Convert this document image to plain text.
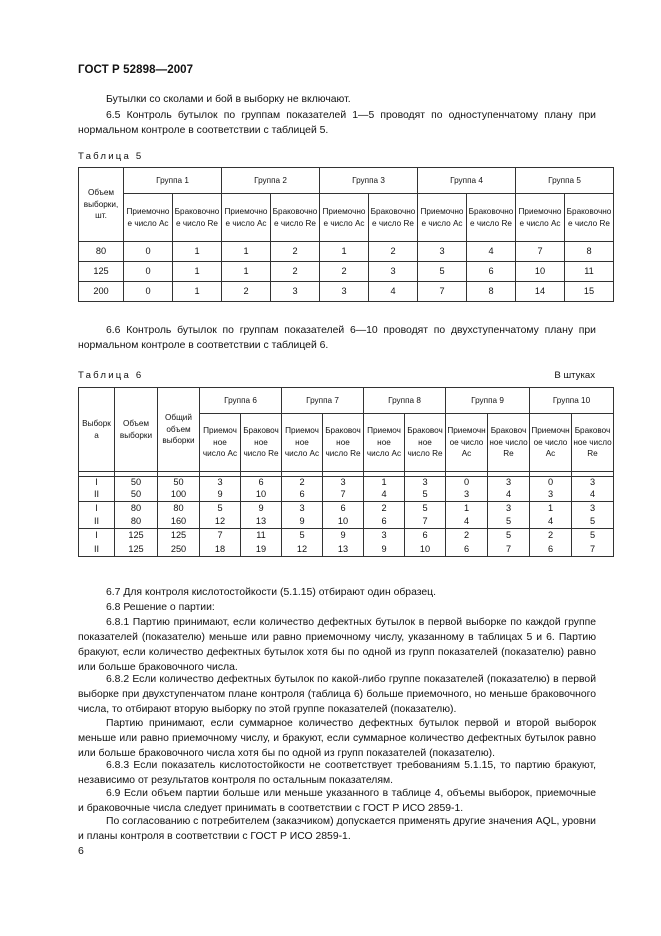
ГОСТ Р 52898—2007
Бутылки со сколами и бой в выборку не включают.
6.5 Контроль бутылок по группам показателей 1—5 проводят по одноступенчатому плану при нормальном контроле в соответствии с таблицей 5.
Таблица 5
Объем выборки, шт.	Группа 1		Группа 2		Группа 3		Группа 4		Группа 5	
	Приемочное число Ac	Браковочное число Re	Приемочное число Ac	Браковочное число Re	Приемочное число Ac	Браковочное число Re	Приемочное число Ac	Браковочное число Re	Приемочное число Ac	Браковочное число Re
80	0	1	1	2	1	2	3	4	7	8
125	0	1	1	2	2	3	5	6	10	11
200	0	1	2	3	3	4	7	8	14	15
6.6 Контроль бутылок по группам показателей 6—10 проводят по двухступенчатому плану при нормальном контроле в соответствии с таблицей 6.
Таблица 6	В штуках
Выборка	Объем выборки	Общий объем выборки	Группа 6		Группа 7		Группа 8		Группа 9		Группа 10	
			Приемочное число Ac	Браковочное число Re	Приемочное число Ac	Браковочное число Re	Приемочное число Ac	Браковочное число Re	Приемочное число Ac	Браковочное число Re	Приемочное число Ac	Браковочное число Re

I	50	50	3	6	2	3	1	3	0	3	0	3
II	50	100	9	10	6	7	4	5	3	4	3	4
I	80	80	5	9	3	6	2	5	1	3	1	3
II	80	160	12	13	9	10	6	7	4	5	4	5
I	125	125	7	11	5	9	3	6	2	5	2	5
II	125	250	18	19	12	13	9	10	6	7	6	7
6.7 Для контроля кислотостойкости (5.1.15) отбирают один образец.
6.8 Решение о партии:
6.8.1 Партию принимают, если количество дефектных бутылок в первой выборке по каждой группе показателей (показателю) меньше или равно приемочному числу, указанному в таблицах 5 и 6. Партию бракуют, если количество дефектных бутылок хотя бы по одной из групп показателей (показателю) равно или больше браковочного числа.
6.8.2 Если количество дефектных бутылок по какой-либо группе показателей (показателю) в первой выборке при двухступенчатом плане контроля (таблица 6) больше приемочного, но меньше браковочного числа, то отбирают вторую выборку по этой группе показателей (показателю).
Партию принимают, если суммарное количество дефектных бутылок первой и второй выборок меньше или равно приемочному числу, и бракуют, если суммарное количество дефектных бутылок равно или больше браковочного числа хотя бы по одной из групп показателей (показателю).
6.8.3 Если показатель кислотостойкости не соответствует требованиям 5.1.15, то партию бракуют, независимо от результатов контроля по остальным показателям.
6.9 Если объем партии больше или меньше указанного в таблице 4, объемы выборок, приемочные и браковочные числа следует принимать в соответствии с ГОСТ Р ИСО 2859-1.
По согласованию с потребителем (заказчиком) допускается применять другие значения AQL, уровни и планы контроля в соответствии с ГОСТ Р ИСО 2859-1.
6
